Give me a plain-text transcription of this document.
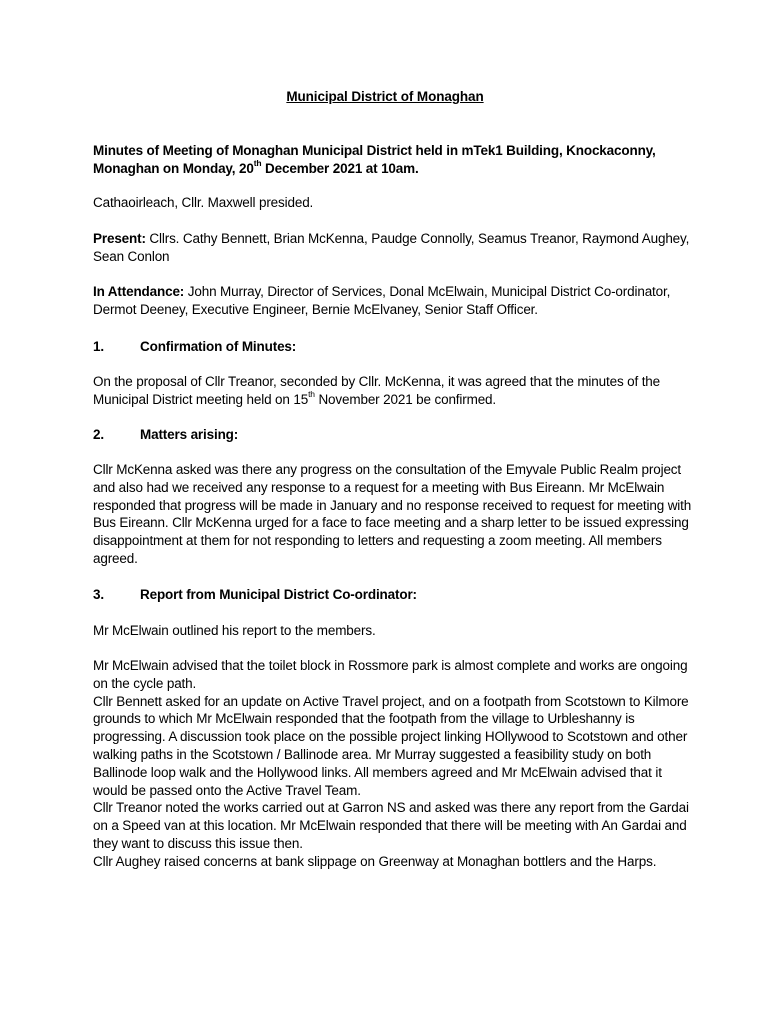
Municipal District of Monaghan
Minutes of Meeting of Monaghan Municipal District held in mTek1 Building, Knockaconny, Monaghan on Monday, 20th December 2021 at 10am.
Cathaoirleach, Cllr. Maxwell presided.
Present: Cllrs. Cathy Bennett, Brian McKenna, Paudge Connolly, Seamus Treanor, Raymond Aughey, Sean Conlon
In Attendance: John Murray, Director of Services, Donal McElwain, Municipal District Co-ordinator, Dermot Deeney, Executive Engineer, Bernie McElvaney, Senior Staff Officer.
1.	Confirmation of Minutes:
On the proposal of Cllr Treanor, seconded by Cllr. McKenna, it was agreed that the minutes of the Municipal District meeting held on 15th November 2021 be confirmed.
2.	Matters arising:
Cllr McKenna asked was there any progress on the consultation of the Emyvale Public Realm project and also had we received any response to a request for a meeting with Bus Eireann. Mr McElwain responded that progress will be made in January and no response received to request for meeting with Bus Eireann. Cllr McKenna urged for a face to face meeting and a sharp letter to be issued expressing disappointment at them for not responding to letters and requesting a zoom meeting. All members agreed.
3.	Report from Municipal District Co-ordinator:
Mr McElwain outlined his report to the members.
Mr McElwain advised that the toilet block in Rossmore park is almost complete and works are ongoing on the cycle path.
Cllr Bennett asked for an update on Active Travel project, and on a footpath from Scotstown to Kilmore grounds to which Mr McElwain responded that the footpath from the village to Urbleshanny is progressing. A discussion took place on the possible project linking HOllywood to Scotstown and other walking paths in the Scotstown / Ballinode area. Mr Murray suggested a feasibility study on both Ballinode loop walk and the Hollywood links. All members agreed and Mr McElwain advised that it would be passed onto the Active Travel Team.
Cllr Treanor noted the works carried out at Garron NS and asked was there any report from the Gardai on a Speed van at this location. Mr McElwain responded that there will be meeting with An Gardai and they want to discuss this issue then.
Cllr Aughey raised concerns at bank slippage on Greenway at Monaghan bottlers and the Harps.
